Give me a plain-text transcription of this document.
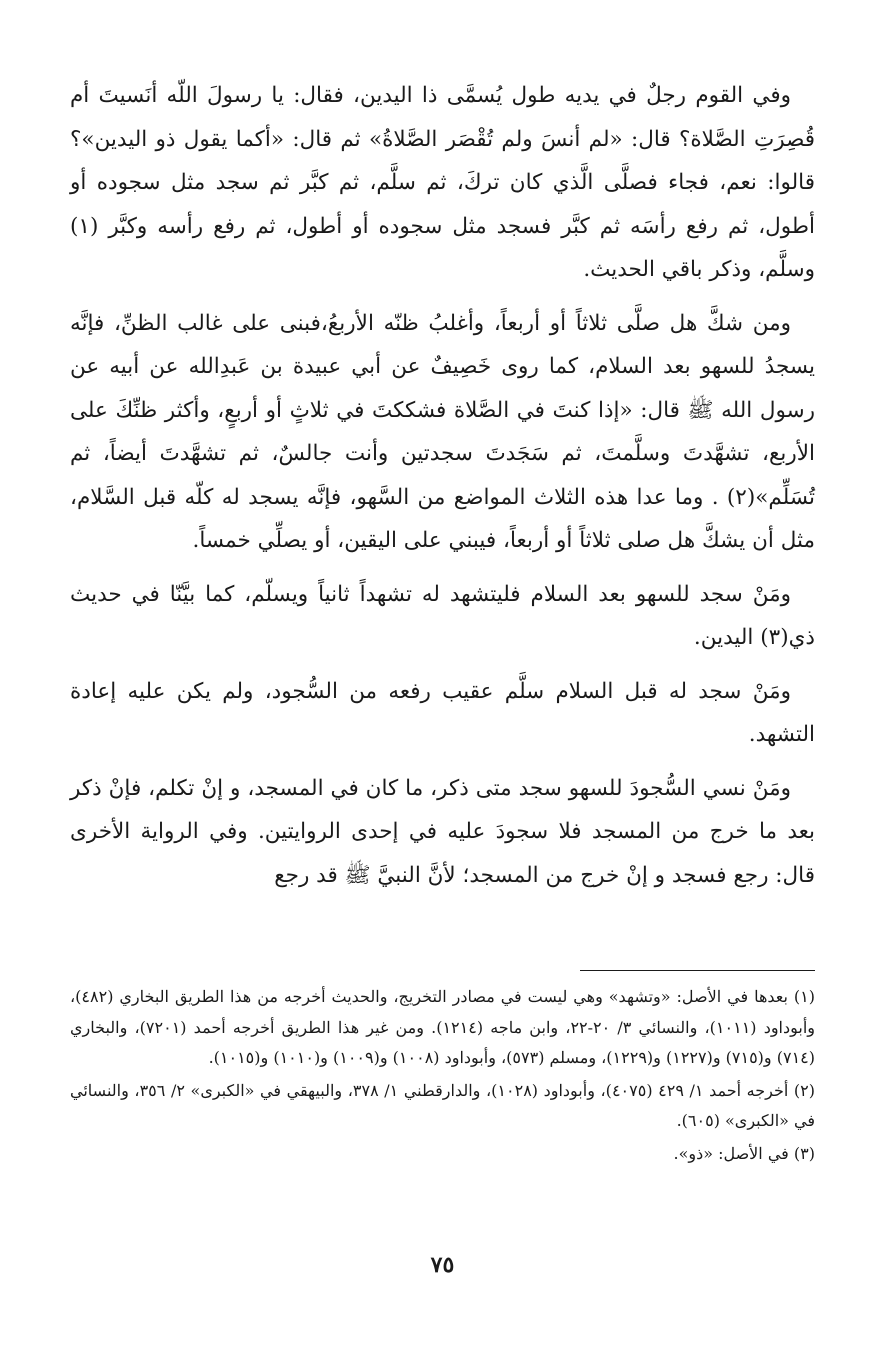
وفي القوم رجلٌ في يديه طول يُسمَّى ذا اليدين، فقال: يا رسولَ اللّه أنَسيتَ أم قُصِرَتِ الصَّلاة؟ قال: «لم أنسَ ولم تُقْصَر الصَّلاةُ» ثم قال: «أكما يقول ذو اليدين»؟ قالوا: نعم، فجاء فصلَّى الَّذي كان تركَ، ثم سلَّم، ثم كبَّر ثم سجد مثل سجوده أو أطول، ثم رفع رأسَه ثم كبَّر فسجد مثل سجوده أو أطول، ثم رفع رأسه وكبَّر (١) وسلَّم، وذكر باقي الحديث.

ومن شكَّ هل صلَّى ثلاثاً أو أربعاً، وأغلبُ ظنّه الأربعُ،فبنى على غالب الظنِّ، فإنَّه يسجدُ للسهو بعد السلام، كما روى خَصِيفٌ عن أبي عبيدة بن عَبدِالله عن أبيه عن رسول الله ﷺ قال: «إذا كنتَ في الصَّلاة فشككتَ في ثلاثٍ أو أربعٍ، وأكثر ظنِّكَ على الأربع، تشهَّدتَ وسلَّمتَ، ثم سَجَدتَ سجدتين وأنت جالسٌ، ثم تشهَّدتَ أيضاً، ثم تُسَلِّم»(٢) . وما عدا هذه الثلاث المواضع من السَّهو، فإنَّه يسجد له كلّه قبل السَّلام، مثل أن يشكَّ هل صلى ثلاثاً أو أربعاً، فيبني على اليقين، أو يصلِّي خمساً.

ومَنْ سجد للسهو بعد السلام فليتشهد له تشهداً ثانياً ويسلّم، كما بيَّنّا في حديث ذي(٣) اليدين.

ومَنْ سجد له قبل السلام سلَّم عقيب رفعه من السُّجود، ولم يكن عليه إعادة التشهد.

ومَنْ نسي السُّجودَ للسهو سجد متى ذكر، ما كان في المسجد، و إنْ تكلم، فإنْ ذكر بعد ما خرج من المسجد فلا سجودَ عليه في إحدى الروايتين. وفي الرواية الأخرى قال: رجع فسجد و إنْ خرج من المسجد؛ لأنَّ النبيَّ ﷺ قد رجع

(١) بعدها في الأصل: «وتشهد» وهي ليست في مصادر التخريج، والحديث أخرجه من هذا الطريق البخاري (٤٨٢)، وأبوداود (١٠١١)، والنسائي ٣/ ٢٠-٢٢، وابن ماجه (١٢١٤). ومن غير هذا الطريق أخرجه أحمد (٧٢٠١)، والبخاري (٧١٤) و(٧١٥) و(١٢٢٧) و(١٢٢٩)، ومسلم (٥٧٣)، وأبوداود (١٠٠٨) و(١٠٠٩) و(١٠١٠) و(١٠١٥).

(٢) أخرجه أحمد ١/ ٤٢٩ (٤٠٧٥)، وأبوداود (١٠٢٨)، والدارقطني ١/ ٣٧٨، والبيهقي في «الكبرى» ٢/ ٣٥٦، والنسائي في «الكبرى» (٦٠٥).

(٣) في الأصل: «ذو».

٧٥
